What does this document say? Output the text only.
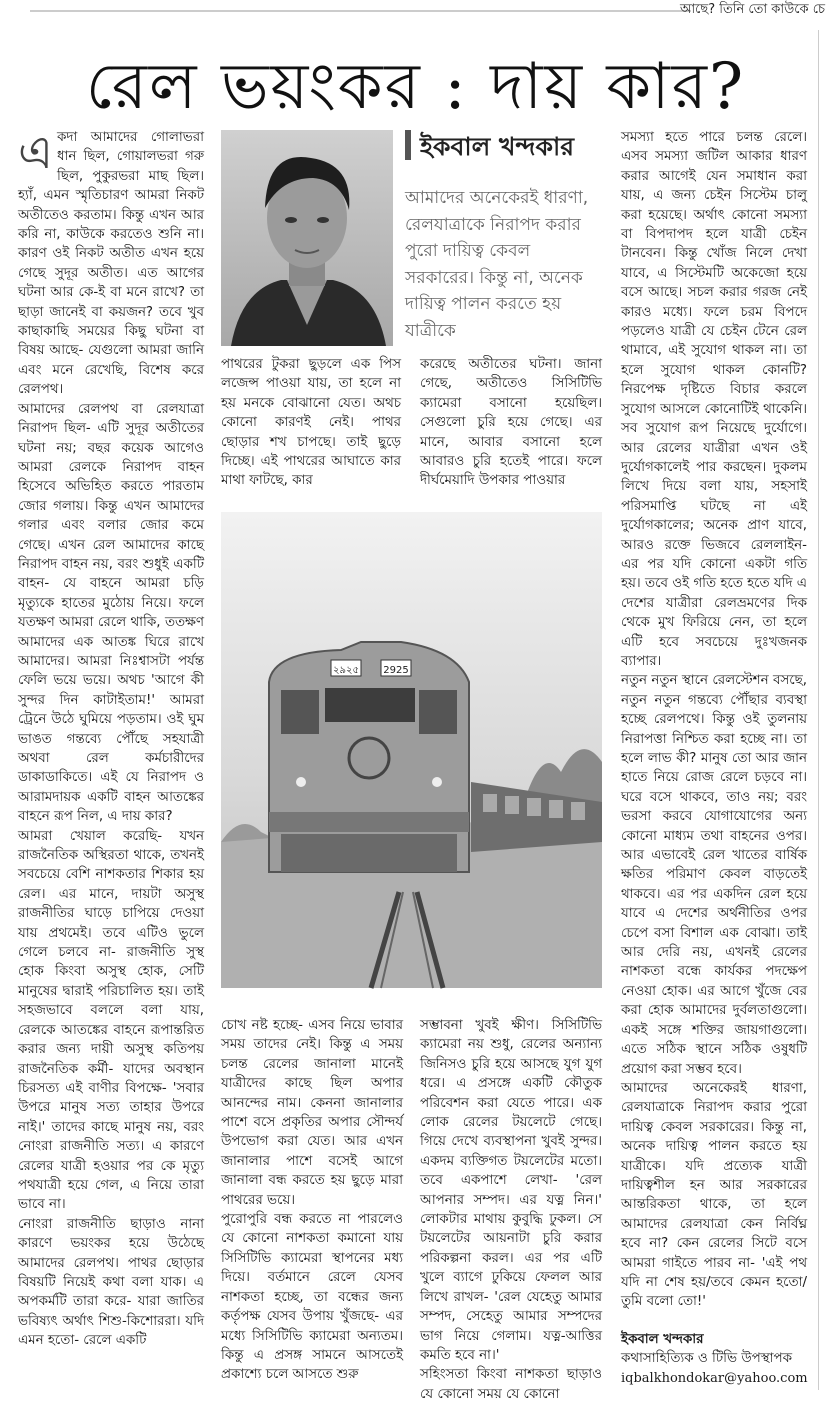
আছে? তিনি তো কাউকে চে
রেল ভয়ংকর : দায় কার?
এ কদা আমাদের গোলাভরা ধান ছিল, গোয়ালভরা গরু ছিল, পুকুরভরা মাছ ছিল। হ্যাঁ, এমন স্মৃতিচারণ আমরা নিকট অতীতেও করতাম। কিন্তু এখন আর করি না, কাউকে করতেও শুনি না। কারণ ওই নিকট অতীত এখন হয়ে গেছে সুদূর অতীত। এত আগের ঘটনা আর কে-ই বা মনে রাখে? তা ছাড়া জানেই বা কয়জন? তবে খুব কাছাকাছি সময়ের কিছু ঘটনা বা বিষয় আছে- যেগুলো আমরা জানি এবং মনে রেখেছি, বিশেষ করে রেলপথ।

আমাদের রেলপথ বা রেলযাত্রা নিরাপদ ছিল- এটি সুদূর অতীতের ঘটনা নয়; বছর কয়েক আগেও আমরা রেলকে নিরাপদ বাহন হিসেবে অভিহিত করতে পারতাম জোর গলায়। কিন্তু এখন আমাদের গলার এবং বলার জোর কমে গেছে। এখন রেল আমাদের কাছে নিরাপদ বাহন নয়, বরং শুধুই একটি বাহন- যে বাহনে আমরা চড়ি মৃত্যুকে হাতের মুঠোয় নিয়ে। ফলে যতক্ষণ আমরা রেলে থাকি, ততক্ষণ আমাদের এক আতঙ্ক ঘিরে রাখে আমাদের। আমরা নিঃশ্বাসটা পর্যন্ত ফেলি ভয়ে ভয়ে। অথচ 'আগে কী সুন্দর দিন কাটাইতাম!' আমরা ট্রেনে উঠে ঘুমিয়ে পড়তাম। ওই ঘুম ভাঙত গন্তব্যে পৌঁছে সহযাত্রী অথবা রেল কর্মচারীদের ডাকাডাকিতে। এই যে নিরাপদ ও আরামদায়ক একটি বাহন আতঙ্কের বাহনে রূপ নিল, এ দায় কার?

আমরা খেয়াল করেছি- যখন রাজনৈতিক অস্থিরতা থাকে, তখনই সবচেয়ে বেশি নাশকতার শিকার হয় রেল। এর মানে, দায়টা অসুস্থ রাজনীতির ঘাড়ে চাপিয়ে দেওয়া যায় প্রথমেই। তবে এটিও ভুলে গেলে চলবে না- রাজনীতি সুস্থ হোক কিংবা অসুস্থ হোক, সেটি মানুষের দ্বারাই পরিচালিত হয়। তাই সহজভাবে বললে বলা যায়, রেলকে আতঙ্কের বাহনে রূপান্তরিত করার জন্য দায়ী অসুস্থ কতিপয় রাজনৈতিক কর্মী- যাদের অবস্থান চিরসত্য এই বাণীর বিপক্ষে- 'সবার উপরে মানুষ সত্য তাহার উপরে নাই।' তাদের কাছে মানুষ নয়, বরং নোংরা রাজনীতি সত্য। এ কারণে রেলের যাত্রী হওয়ার পর কে মৃত্যু পথযাত্রী হয়ে গেল, এ নিয়ে তারা ভাবে না।

নোংরা রাজনীতি ছাড়াও নানা কারণে ভয়ংকর হয়ে উঠেছে আমাদের রেলপথ। পাথর ছোড়ার বিষয়টি নিয়েই কথা বলা যাক। এ অপকর্মটি তারা করে- যারা জাতির ভবিষ্যৎ অর্থাৎ শিশু-কিশোররা। যদি এমন হতো- রেলে একটি

ইকবাল খন্দকার
আমাদের অনেকেরই ধারণা, রেলযাত্রাকে নিরাপদ করার পুরো দায়িত্ব কেবল সরকারের। কিন্তু না, অনেক দায়িত্ব পালন করতে হয় যাত্রীকে
পাথরের টুকরা ছুড়লে এক পিস লজেন্স পাওয়া যায়, তা হলে না হয় মনকে বোঝানো যেত। অথচ কোনো কারণই নেই। পাথর ছোড়ার শখ চাপছে। তাই ছুড়ে দিচ্ছে। এই পাথরের আঘাতে কার মাথা ফাটছে, কার
করেছে অতীতের ঘটনা। জানা গেছে, অতীতেও সিসিটিভি ক্যামেরা বসানো হয়েছিল। সেগুলো চুরি হয়ে গেছে। এর মানে, আবার বসানো হলে আবারও চুরি হতেই পারে। ফলে দীর্ঘমেয়াদি উপকার পাওয়ার
২৯২৫ 2925

চোখ নষ্ট হচ্ছে- এসব নিয়ে ভাবার সময় তাদের নেই। কিন্তু এ সময় চলন্ত রেলের জানালা মানেই যাত্রীদের কাছে ছিল অপার আনন্দের নাম। কেননা জানালার পাশে বসে প্রকৃতির অপার সৌন্দর্য উপভোগ করা যেত। আর এখন জানালার পাশে বসেই আগে জানালা বন্ধ করতে হয় ছুড়ে মারা পাথরের ভয়ে।

পুরোপুরি বন্ধ করতে না পারলেও যে কোনো নাশকতা কমানো যায় সিসিটিভি ক্যামেরা স্থাপনের মধ্য দিয়ে। বর্তমানে রেলে যেসব নাশকতা হচ্ছে, তা বন্ধের জন্য কর্তৃপক্ষ যেসব উপায় খুঁজছে- এর মধ্যে সিসিটিভি ক্যামেরা অন্যতম। কিন্তু এ প্রসঙ্গ সামনে আসতেই প্রকাশ্যে চলে আসতে শুরু

সম্ভাবনা খুবই ক্ষীণ। সিসিটিভি ক্যামেরা নয় শুধু, রেলের অন্যান্য জিনিসও চুরি হয়ে আসছে যুগ যুগ ধরে। এ প্রসঙ্গে একটি কৌতুক পরিবেশন করা যেতে পারে। এক লোক রেলের টয়লেটে গেছে। গিয়ে দেখে ব্যবস্থাপনা খুবই সুন্দর। একদম ব্যক্তিগত টয়লেটের মতো। তবে একপাশে লেখা- 'রেল আপনার সম্পদ। এর যত্ন নিন।' লোকটার মাথায় কুবুদ্ধি ঢুকল। সে টয়লেটের আয়নাটা চুরি করার পরিকল্পনা করল। এর পর এটি খুলে ব্যাগে ঢুকিয়ে ফেলল আর লিখে রাখল- 'রেল যেহেতু আমার সম্পদ, সেহেতু আমার সম্পদের ভাগ নিয়ে গেলাম। যত্ন-আত্তির কমতি হবে না।'

সহিংসতা কিংবা নাশকতা ছাড়াও যে কোনো সময় যে কোনো

সমস্যা হতে পারে চলন্ত রেলে। এসব সমস্যা জটিল আকার ধারণ করার আগেই যেন সমাধান করা যায়, এ জন্য চেইন সিস্টেম চালু করা হয়েছে। অর্থাৎ কোনো সমস্যা বা বিপদাপদ হলে যাত্রী চেইন টানবেন। কিন্তু খোঁজ নিলে দেখা যাবে, এ সিস্টেমটি অকেজো হয়ে বসে আছে। সচল করার গরজ নেই কারও মধ্যে। ফলে চরম বিপদে পড়লেও যাত্রী যে চেইন টেনে রেল থামাবে, এই সুযোগ থাকল না। তা হলে সুযোগ থাকল কোনটি? নিরপেক্ষ দৃষ্টিতে বিচার করলে সুযোগ আসলে কোনোটিই থাকেনি। সব সুযোগ রূপ নিয়েছে দুর্যোগে। আর রেলের যাত্রীরা এখন ওই দুর্যোগকালেই পার করছেন। দুকলম লিখে দিয়ে বলা যায়, সহসাই পরিসমাপ্তি ঘটছে না এই দুর্যোগকালের; অনেক প্রাণ যাবে, আরও রক্তে ভিজবে রেললাইন- এর পর যদি কোনো একটা গতি হয়। তবে ওই গতি হতে হতে যদি এ দেশের যাত্রীরা রেলভ্রমণের দিক থেকে মুখ ফিরিয়ে নেন, তা হলে এটি হবে সবচেয়ে দুঃখজনক ব্যাপার।

নতুন নতুন স্থানে রেলস্টেশন বসছে, নতুন নতুন গন্তব্যে পৌঁছার ব্যবস্থা হচ্ছে রেলপথে। কিন্তু ওই তুলনায় নিরাপত্তা নিশ্চিত করা হচ্ছে না। তা হলে লাভ কী? মানুষ তো আর জান হাতে নিয়ে রোজ রেলে চড়বে না। ঘরে বসে থাকবে, তাও নয়; বরং ভরসা করবে যোগাযোগের অন্য কোনো মাধ্যম তথা বাহনের ওপর। আর এভাবেই রেল খাতের বার্ষিক ক্ষতির পরিমাণ কেবল বাড়তেই থাকবে। এর পর একদিন রেল হয়ে যাবে এ দেশের অর্থনীতির ওপর চেপে বসা বিশাল এক বোঝা। তাই আর দেরি নয়, এখনই রেলের নাশকতা বন্ধে কার্যকর পদক্ষেপ নেওয়া হোক। এর আগে খুঁজে বের করা হোক আমাদের দুর্বলতাগুলো। একই সঙ্গে শক্তির জায়গাগুলো। এতে সঠিক স্থানে সঠিক ওষুধটি প্রয়োগ করা সম্ভব হবে।

আমাদের অনেকেরই ধারণা, রেলযাত্রাকে নিরাপদ করার পুরো দায়িত্ব কেবল সরকারের। কিন্তু না, অনেক দায়িত্ব পালন করতে হয় যাত্রীকে। যদি প্রত্যেক যাত্রী দায়িত্বশীল হন আর সরকারের আন্তরিকতা থাকে, তা হলে আমাদের রেলযাত্রা কেন নির্বিঘ্ন হবে না? কেন রেলের সিটে বসে আমরা গাইতে পারব না- 'এই পথ যদি না শেষ হয়/তবে কেমন হতো/তুমি বলো তো!'

ইকবাল খন্দকার

কথাসাহিত্যিক ও টিভি উপস্থাপক

iqbalkhondokar@yahoo.com
